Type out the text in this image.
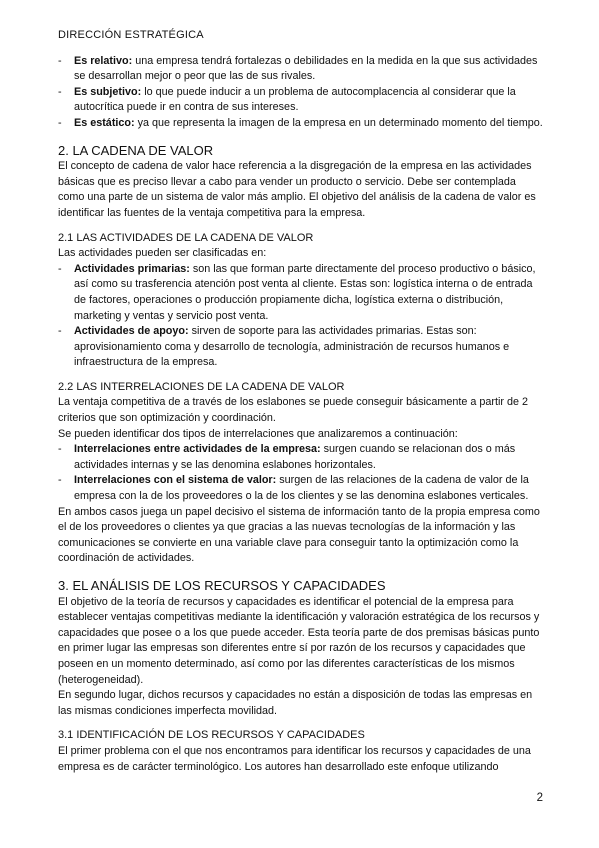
DIRECCIÓN ESTRATÉGICA
- Es relativo: una empresa tendrá fortalezas o debilidades en la medida en la que sus actividades se desarrollan mejor o peor que las de sus rivales.
- Es subjetivo: lo que puede inducir a un problema de autocomplacencia al considerar que la autocrítica puede ir en contra de sus intereses.
- Es estático: ya que representa la imagen de la empresa en un determinado momento del tiempo.
2. LA CADENA DE VALOR

El concepto de cadena de valor hace referencia a la disgregación de la empresa en las actividades básicas que es preciso llevar a cabo para vender un producto o servicio. Debe ser contemplada como una parte de un sistema de valor más amplio. El objetivo del análisis de la cadena de valor es identificar las fuentes de la ventaja competitiva para la empresa.

2.1 LAS ACTIVIDADES DE LA CADENA DE VALOR

Las actividades pueden ser clasificadas en:

- Actividades primarias: son las que forman parte directamente del proceso productivo o básico, así como su trasferencia atención post venta al cliente. Estas son: logística interna o de entrada de factores, operaciones o producción propiamente dicha, logística externa o distribución, marketing y ventas y servicio post venta.
- Actividades de apoyo: sirven de soporte para las actividades primarias. Estas son: aprovisionamiento coma y desarrollo de tecnología, administración de recursos humanos e infraestructura de la empresa.
2.2 LAS INTERRELACIONES DE LA CADENA DE VALOR

La ventaja competitiva de a través de los eslabones se puede conseguir básicamente a partir de 2 criterios que son optimización y coordinación.

Se pueden identificar dos tipos de interrelaciones que analizaremos a continuación:

- Interrelaciones entre actividades de la empresa: surgen cuando se relacionan dos o más actividades internas y se las denomina eslabones horizontales.
- Interrelaciones con el sistema de valor: surgen de las relaciones de la cadena de valor de la empresa con la de los proveedores o la de los clientes y se las denomina eslabones verticales.

En ambos casos juega un papel decisivo el sistema de información tanto de la propia empresa como el de los proveedores o clientes ya que gracias a las nuevas tecnologías de la información y las comunicaciones se convierte en una variable clave para conseguir tanto la optimización como la coordinación de actividades.

3. EL ANÁLISIS DE LOS RECURSOS Y CAPACIDADES

El objetivo de la teoría de recursos y capacidades es identificar el potencial de la empresa para establecer ventajas competitivas mediante la identificación y valoración estratégica de los recursos y capacidades que posee o a los que puede acceder. Esta teoría parte de dos premisas básicas punto en primer lugar las empresas son diferentes entre sí por razón de los recursos y capacidades que poseen en un momento determinado, así como por las diferentes características de los mismos (heterogeneidad).

En segundo lugar, dichos recursos y capacidades no están a disposición de todas las empresas en las mismas condiciones imperfecta movilidad.

3.1 IDENTIFICACIÓN DE LOS RECURSOS Y CAPACIDADES

El primer problema con el que nos encontramos para identificar los recursos y capacidades de una empresa es de carácter terminológico. Los autores han desarrollado este enfoque utilizando

2
